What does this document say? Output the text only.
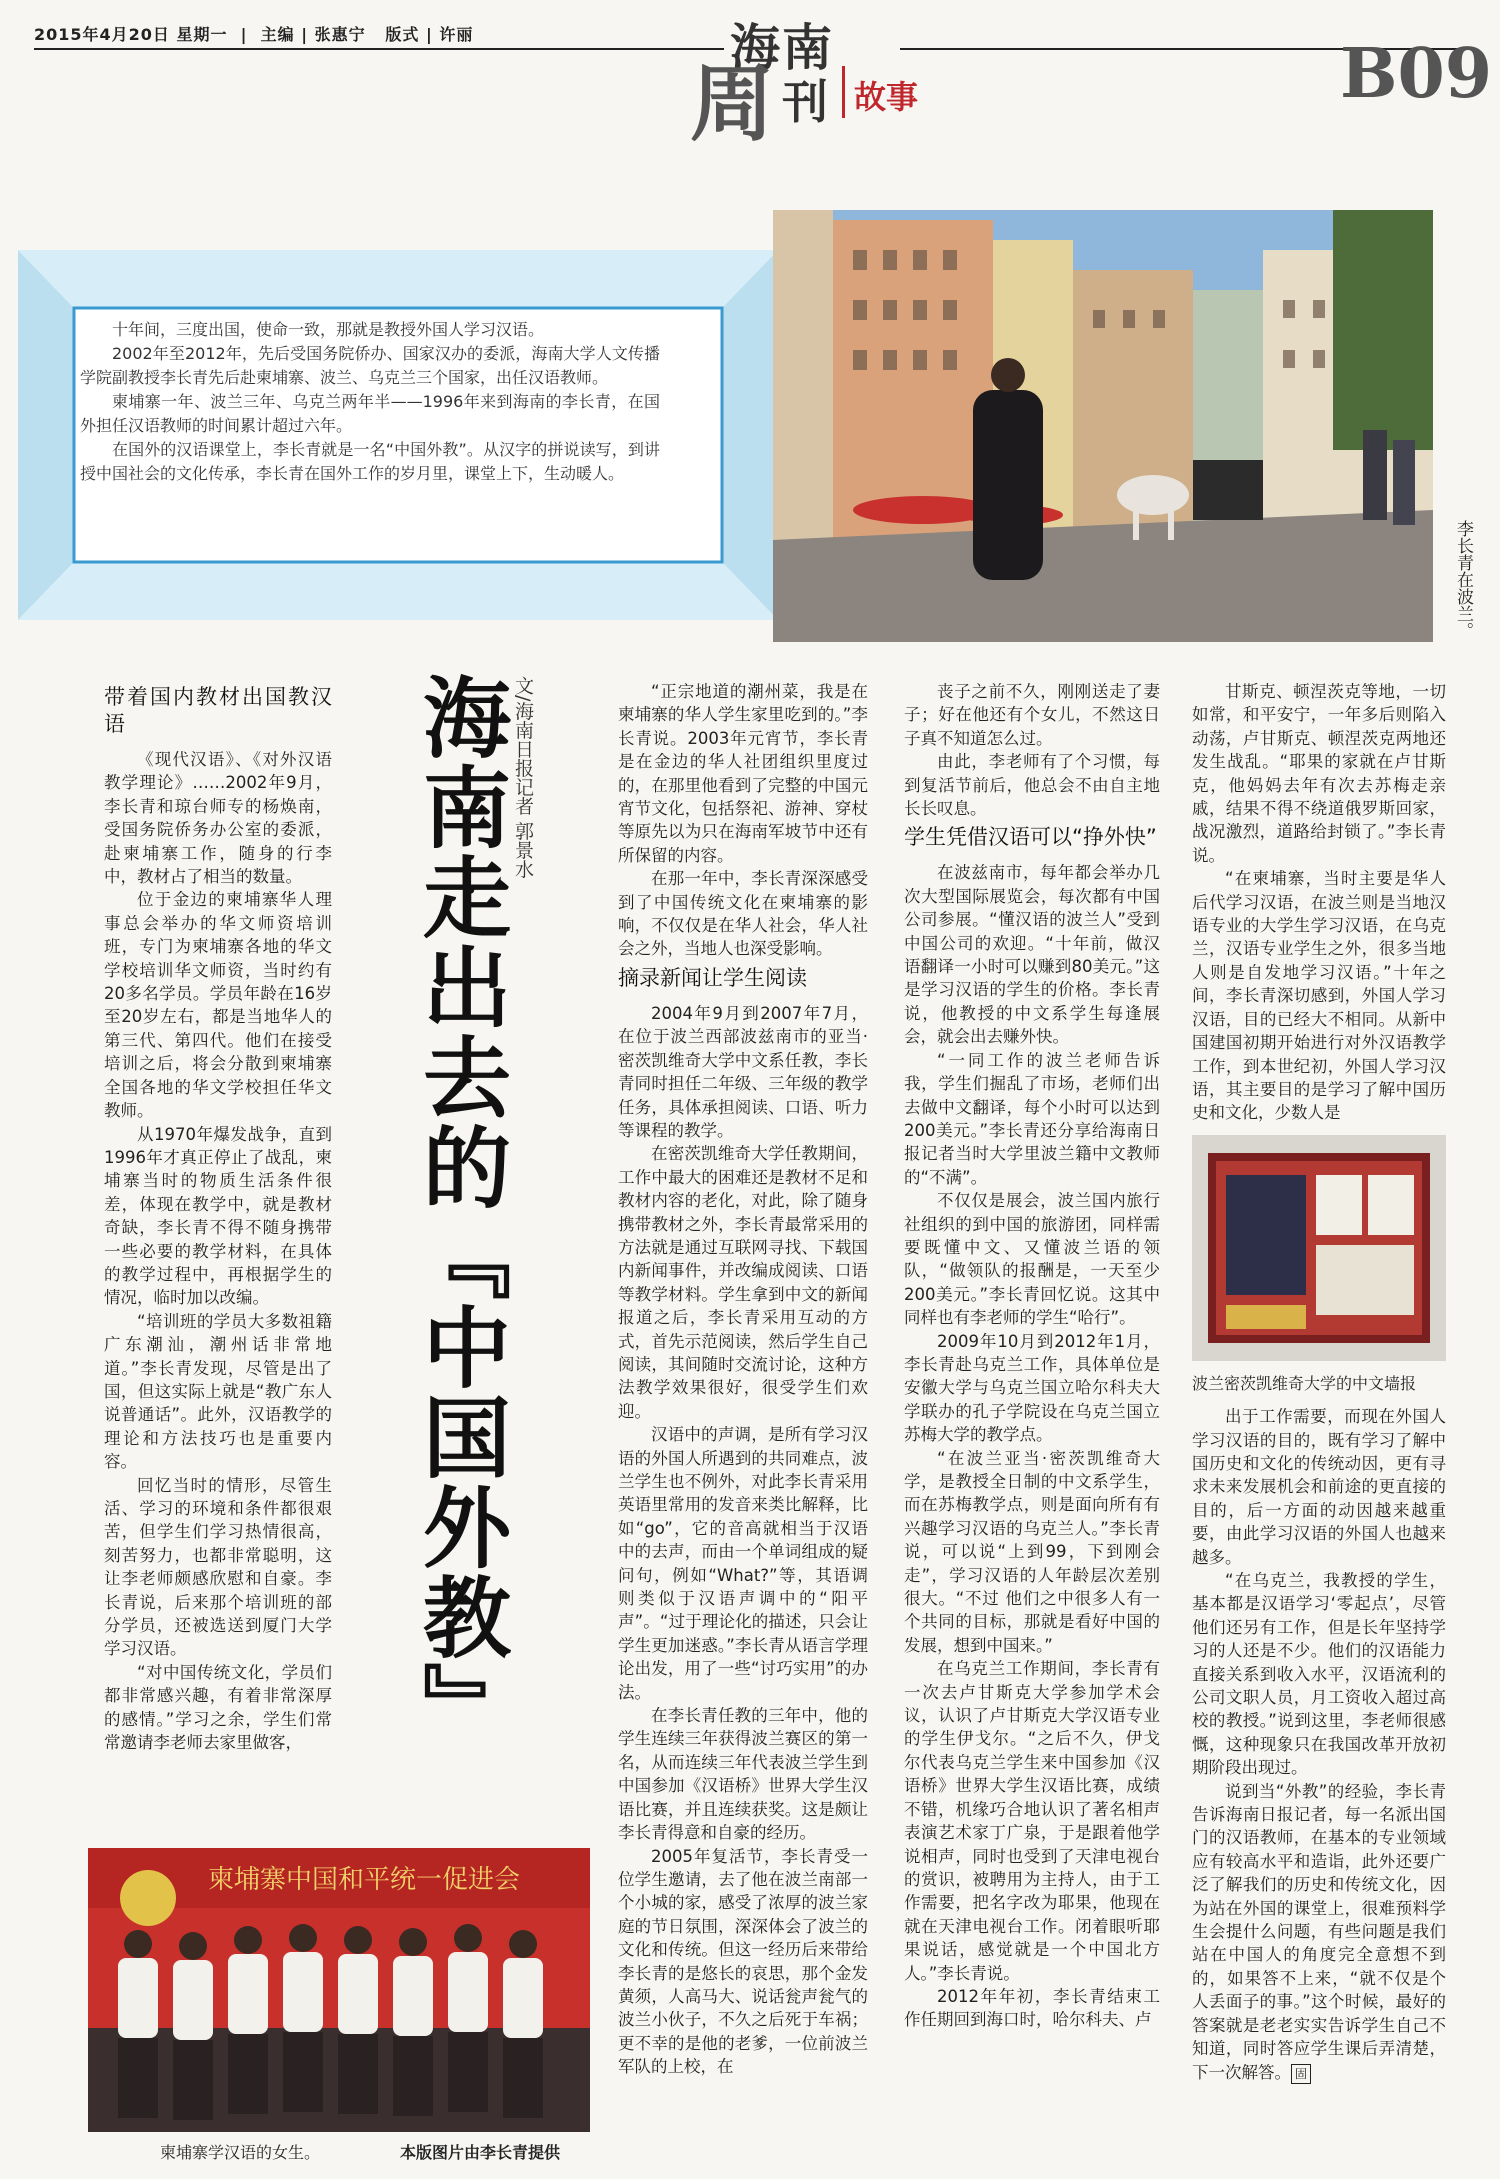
2015年4月20日 星期一  |  主编 | 张惠宁 版式 | 许丽	海南
周 刊 故事	B09

十年间，三度出国，使命一致，那就是教授外国人学习汉语。

2002年至2012年，先后受国务院侨办、国家汉办的委派，海南大学人文传播学院副教授李长青先后赴柬埔寨、波兰、乌克兰三个国家，出任汉语教师。

柬埔寨一年、波兰三年、乌克兰两年半——1996年来到海南的李长青，在国外担任汉语教师的时间累计超过六年。

在国外的汉语课堂上，李长青就是一名“中国外教”。从汉字的拼说读写，到讲授中国社会的文化传承，李长青在国外工作的岁月里，课堂上下，生动暖人。

李长青在波兰。
海南走出去的『中国外教』 文/海南日报记者 郭景水
带着国内教材出国教汉语

《现代汉语》、《对外汉语教学理论》……2002年9月，李长青和琼台师专的杨焕南，受国务院侨务办公室的委派，赴柬埔寨工作，随身的行李中，教材占了相当的数量。

位于金边的柬埔寨华人理事总会举办的华文师资培训班，专门为柬埔寨各地的华文学校培训华文师资，当时约有20多名学员。学员年龄在16岁至20岁左右，都是当地华人的第三代、第四代。他们在接受培训之后，将会分散到柬埔寨全国各地的华文学校担任华文教师。

从1970年爆发战争，直到1996年才真正停止了战乱，柬埔寨当时的物质生活条件很差，体现在教学中，就是教材奇缺，李长青不得不随身携带一些必要的教学材料，在具体的教学过程中，再根据学生的情况，临时加以改编。

“培训班的学员大多数祖籍广东潮汕，潮州话非常地道。”李长青发现，尽管是出了国，但这实际上就是“教广东人说普通话”。此外，汉语教学的理论和方法技巧也是重要内容。

回忆当时的情形，尽管生活、学习的环境和条件都很艰苦，但学生们学习热情很高，刻苦努力，也都非常聪明，这让李老师颇感欣慰和自豪。李长青说，后来那个培训班的部分学员，还被选送到厦门大学学习汉语。

“对中国传统文化，学员们都非常感兴趣，有着非常深厚的感情。”学习之余，学生们常常邀请李老师去家里做客，

“正宗地道的潮州菜，我是在柬埔寨的华人学生家里吃到的。”李长青说。2003年元宵节，李长青是在金边的华人社团组织里度过的，在那里他看到了完整的中国元宵节文化，包括祭祀、游神、穿杖等原先以为只在海南军坡节中还有所保留的内容。

在那一年中，李长青深深感受到了中国传统文化在柬埔寨的影响，不仅仅是在华人社会，华人社会之外，当地人也深受影响。

摘录新闻让学生阅读

2004年9月到2007年7月，在位于波兰西部波兹南市的亚当·密茨凯维奇大学中文系任教，李长青同时担任二年级、三年级的教学任务，具体承担阅读、口语、听力等课程的教学。

在密茨凯维奇大学任教期间，工作中最大的困难还是教材不足和教材内容的老化，对此，除了随身携带教材之外，李长青最常采用的方法就是通过互联网寻找、下载国内新闻事件，并改编成阅读、口语等教学材料。学生拿到中文的新闻报道之后，李长青采用互动的方式，首先示范阅读，然后学生自己阅读，其间随时交流讨论，这种方法教学效果很好，很受学生们欢迎。

汉语中的声调，是所有学习汉语的外国人所遇到的共同难点，波兰学生也不例外，对此李长青采用英语里常用的发音来类比解释，比如“go”，它的音高就相当于汉语中的去声，而由一个单词组成的疑问句，例如“What?”等，其语调则类似于汉语声调中的“阳平声”。“过于理论化的描述，只会让学生更加迷惑。”李长青从语言学理论出发，用了一些“讨巧实用”的办法。

在李长青任教的三年中，他的学生连续三年获得波兰赛区的第一名，从而连续三年代表波兰学生到中国参加《汉语桥》世界大学生汉语比赛，并且连续获奖。这是颇让李长青得意和自豪的经历。

2005年复活节，李长青受一位学生邀请，去了他在波兰南部一个小城的家，感受了浓厚的波兰家庭的节日氛围，深深体会了波兰的文化和传统。但这一经历后来带给李长青的是悠长的哀思，那个金发黄须，人高马大、说话瓮声瓮气的波兰小伙子，不久之后死于车祸；更不幸的是他的老爹，一位前波兰军队的上校，在

丧子之前不久，刚刚送走了妻子；好在他还有个女儿，不然这日子真不知道怎么过。

由此，李老师有了个习惯，每到复活节前后，他总会不由自主地长长叹息。

学生凭借汉语可以“挣外快”

在波兹南市，每年都会举办几次大型国际展览会，每次都有中国公司参展。“懂汉语的波兰人”受到中国公司的欢迎。“十年前，做汉语翻译一小时可以赚到80美元。”这是学习汉语的学生的价格。李长青说，他教授的中文系学生每逢展会，就会出去赚外快。

“一同工作的波兰老师告诉我，学生们掘乱了市场，老师们出去做中文翻译，每个小时可以达到200美元。”李长青还分享给海南日报记者当时大学里波兰籍中文教师的“不满”。

不仅仅是展会，波兰国内旅行社组织的到中国的旅游团，同样需要既懂中文、又懂波兰语的领队，“做领队的报酬是，一天至少200美元。”李长青回忆说。这其中同样也有李老师的学生“哈行”。

2009年10月到2012年1月，李长青赴乌克兰工作，具体单位是安徽大学与乌克兰国立哈尔科夫大学联办的孔子学院设在乌克兰国立苏梅大学的教学点。

“在波兰亚当·密茨凯维奇大学，是教授全日制的中文系学生，而在苏梅教学点，则是面向所有有兴趣学习汉语的乌克兰人。”李长青说，可以说“上到99，下到刚会走”，学习汉语的人年龄层次差别很大。“不过 他们之中很多人有一个共同的目标，那就是看好中国的发展，想到中国来。”

在乌克兰工作期间，李长青有一次去卢甘斯克大学参加学术会议，认识了卢甘斯克大学汉语专业的学生伊戈尔。“之后不久，伊戈尔代表乌克兰学生来中国参加《汉语桥》世界大学生汉语比赛，成绩不错，机缘巧合地认识了著名相声表演艺术家丁广泉，于是跟着他学说相声，同时也受到了天津电视台的赏识，被聘用为主持人，由于工作需要，把名字改为耶果，他现在就在天津电视台工作。闭着眼听耶果说话，感觉就是一个中国北方人。”李长青说。

2012年年初，李长青结束工作任期回到海口时，哈尔科夫、卢

甘斯克、顿涅茨克等地，一切如常，和平安宁，一年多后则陷入动荡，卢甘斯克、顿涅茨克两地还发生战乱。“耶果的家就在卢甘斯克，他妈妈去年有次去苏梅走亲戚，结果不得不绕道俄罗斯回家，战况激烈，道路给封锁了。”李长青说。

“在柬埔寨，当时主要是华人后代学习汉语，在波兰则是当地汉语专业的大学生学习汉语，在乌克兰，汉语专业学生之外，很多当地人则是自发地学习汉语。”十年之间，李长青深切感到，外国人学习汉语，目的已经大不相同。从新中国建国初期开始进行对外汉语教学工作，到本世纪初，外国人学习汉语，其主要目的是学习了解中国历史和文化，少数人是

波兰密茨凯维奇大学的中文墙报

出于工作需要，而现在外国人学习汉语的目的，既有学习了解中国历史和文化的传统动因，更有寻求未来发展机会和前途的更直接的目的，后一方面的动因越来越重要，由此学习汉语的外国人也越来越多。

“在乌克兰，我教授的学生，基本都是汉语学习‘零起点’，尽管他们还另有工作，但是长年坚持学习的人还是不少。他们的汉语能力直接关系到收入水平，汉语流利的公司文职人员，月工资收入超过高校的教授。”说到这里，李老师很感慨，这种现象只在我国改革开放初期阶段出现过。

说到当“外教”的经验，李长青告诉海南日报记者，每一名派出国门的汉语教师，在基本的专业领域应有较高水平和造诣，此外还要广泛了解我们的历史和传统文化，因为站在外国的课堂上，很难预料学生会提什么问题，有些问题是我们站在中国人的角度完全意想不到的，如果答不上来，“就不仅是个人丢面子的事。”这个时候，最好的答案就是老老实实告诉学生自己不知道，同时答应学生课后弄清楚，下一次解答。 固

柬埔寨中国和平统一促进会
柬埔寨学汉语的女生。	本版图片由李长青提供
